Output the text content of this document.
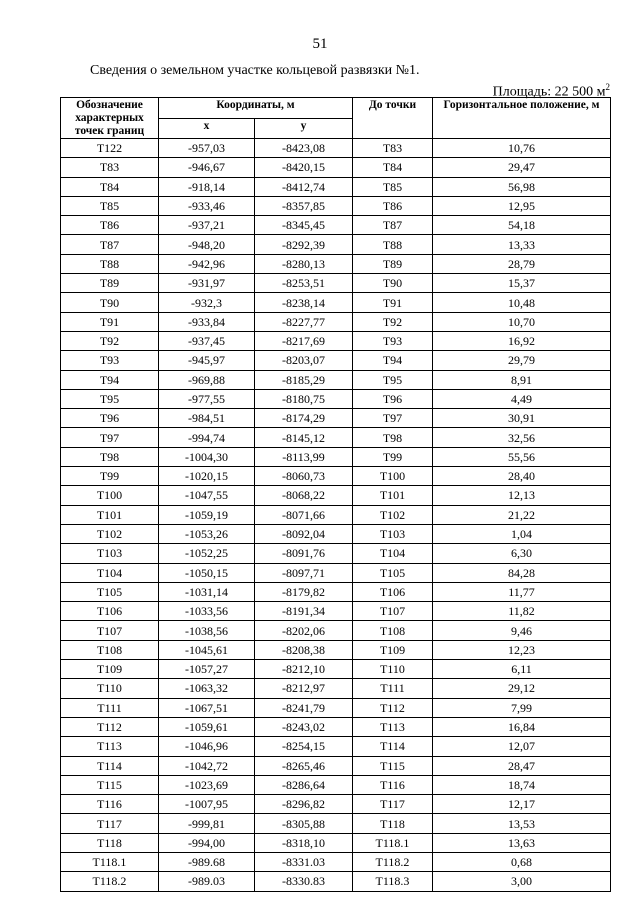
51
Сведения о земельном участке кольцевой развязки №1.
Площадь: 22 500 $м^2$
Обозначение характерных точек границ	Координаты, м		До точки	Горизонтальное положение, м
	x	y		
Т122	-957,03	-8423,08	Т83	10,76
Т83	-946,67	-8420,15	Т84	29,47
Т84	-918,14	-8412,74	Т85	56,98
Т85	-933,46	-8357,85	Т86	12,95
Т86	-937,21	-8345,45	Т87	54,18
Т87	-948,20	-8292,39	Т88	13,33
Т88	-942,96	-8280,13	Т89	28,79
Т89	-931,97	-8253,51	Т90	15,37
Т90	-932,3	-8238,14	Т91	10,48
Т91	-933,84	-8227,77	Т92	10,70
Т92	-937,45	-8217,69	Т93	16,92
Т93	-945,97	-8203,07	Т94	29,79
Т94	-969,88	-8185,29	Т95	8,91
Т95	-977,55	-8180,75	Т96	4,49
Т96	-984,51	-8174,29	Т97	30,91
Т97	-994,74	-8145,12	Т98	32,56
Т98	-1004,30	-8113,99	Т99	55,56
Т99	-1020,15	-8060,73	Т100	28,40
Т100	-1047,55	-8068,22	Т101	12,13
Т101	-1059,19	-8071,66	Т102	21,22
Т102	-1053,26	-8092,04	Т103	1,04
Т103	-1052,25	-8091,76	Т104	6,30
Т104	-1050,15	-8097,71	Т105	84,28
Т105	-1031,14	-8179,82	Т106	11,77
Т106	-1033,56	-8191,34	Т107	11,82
Т107	-1038,56	-8202,06	Т108	9,46
Т108	-1045,61	-8208,38	Т109	12,23
Т109	-1057,27	-8212,10	Т110	6,11
Т110	-1063,32	-8212,97	Т111	29,12
Т111	-1067,51	-8241,79	Т112	7,99
Т112	-1059,61	-8243,02	Т113	16,84
Т113	-1046,96	-8254,15	Т114	12,07
Т114	-1042,72	-8265,46	Т115	28,47
Т115	-1023,69	-8286,64	Т116	18,74
Т116	-1007,95	-8296,82	Т117	12,17
Т117	-999,81	-8305,88	Т118	13,53
Т118	-994,00	-8318,10	Т118.1	13,63
Т118.1	-989.68	-8331.03	Т118.2	0,68
Т118.2	-989.03	-8330.83	Т118.3	3,00
